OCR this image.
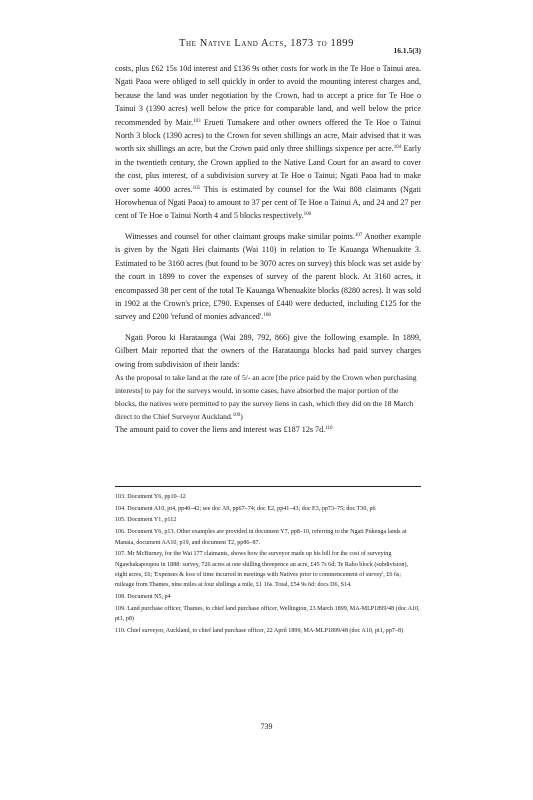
The Native Land Acts, 1873 to 1899
16.1.5(3)

costs, plus £62 15s 10d interest and £136 9s other costs for work in the Te Hoe o Tainui area. Ngati Paoa were obliged to sell quickly in order to avoid the mounting interest charges and, because the land was under negotiation by the Crown, had to accept a price for Te Hoe o Tainui 3 (1390 acres) well below the price for comparable land, and well below the price recommended by Mair.$^{103}$ Erueti Tumakere and other owners offered the Te Hoe o Tainui North 3 block (1390 acres) to the Crown for seven shillings an acre, Mair advised that it was worth six shillings an acre, but the Crown paid only three shillings sixpence per acre.$^{104}$ Early in the twentieth century, the Crown applied to the Native Land Court for an award to cover the cost, plus interest, of a subdivision survey at Te Hoe o Tainui; Ngati Paoa had to make over some 4000 acres.$^{105}$ This is estimated by counsel for the Wai 808 claimants (Ngati Horowhenua of Ngati Paoa) to amount to 37 per cent of Te Hoe o Tainui A, and 24 and 27 per cent of Te Hoe o Tainui North 4 and 5 blocks respectively.$^{106}$

Witnesses and counsel for other claimant groups make similar points.$^{107}$ Another example is given by the Ngati Hei claimants (Wai 110) in relation to Te Kauanga Whenuakite 3. Estimated to be 3160 acres (but found to be 3070 acres on survey) this block was set aside by the court in 1899 to cover the expenses of survey of the parent block. At 3160 acres, it encompassed 38 per cent of the total Te Kauanga Whenuakite blocks (8280 acres). It was sold in 1902 at the Crown's price, £790. Expenses of £440 were deducted, including £125 for the survey and £200 'refund of monies advanced'.$^{108}$

Ngati Porou ki Harataunga (Wai 289, 792, 866) give the following example. In 1899, Gilbert Mair reported that the owners of the Harataunga blocks had paid survey charges owing from subdivision of their lands:

As the proposal to take land at the rate of 5/- an acre [the price paid by the Crown when purchasing interests] to pay for the surveys would, in some cases, have absorbed the major portion of the blocks, the natives were permitted to pay the survey liens in cash, which they did on the 18 March direct to the Chief Surveyor Auckland.$^{109}$)

The amount paid to cover the liens and interest was £187 12s 7d.$^{110}$

103. Document Y6, pp10–12

104. Document A10, pt4, pp40–42; see doc A9, pp67–74; doc E2, pp41–43; doc E3, pp73–75; doc T30, p6

105. Document Y1, p112

106. Document Y6, p13. Other examples are provided in document Y7, pp8–10, referring to the Ngati Pukenga lands at Manaia, document AA10, p19, and document T2, pp86–87.

107. Mr McBurney, for the Wai 177 claimants, shows how the surveyor made up his bill for the cost of surveying Ngawhakapoupou in 1888: survey, 726 acres at one shilling threepence an acre, £45 7s 6d; Te Raho block (subdivision), eight acres, £6; 'Expenses & loss of time incurred in meetings with Natives prior to commencement of survey', £6 6s; mileage from Thames, nine miles at four shillings a mile, £1 16s. Total, £54 9s 6d: docs D6, S14.

108. Document N5, p4

109. Land purchase officer, Thames, to chief land purchase officer, Wellington, 23 March 1899, MA-MLP1899/48 (doc A10, pt1, p8)

110. Chief surveyor, Auckland, to chief land purchase officer, 22 April 1899, MA-MLP1899/48 (doc A10, pt1, pp7–8)

739
